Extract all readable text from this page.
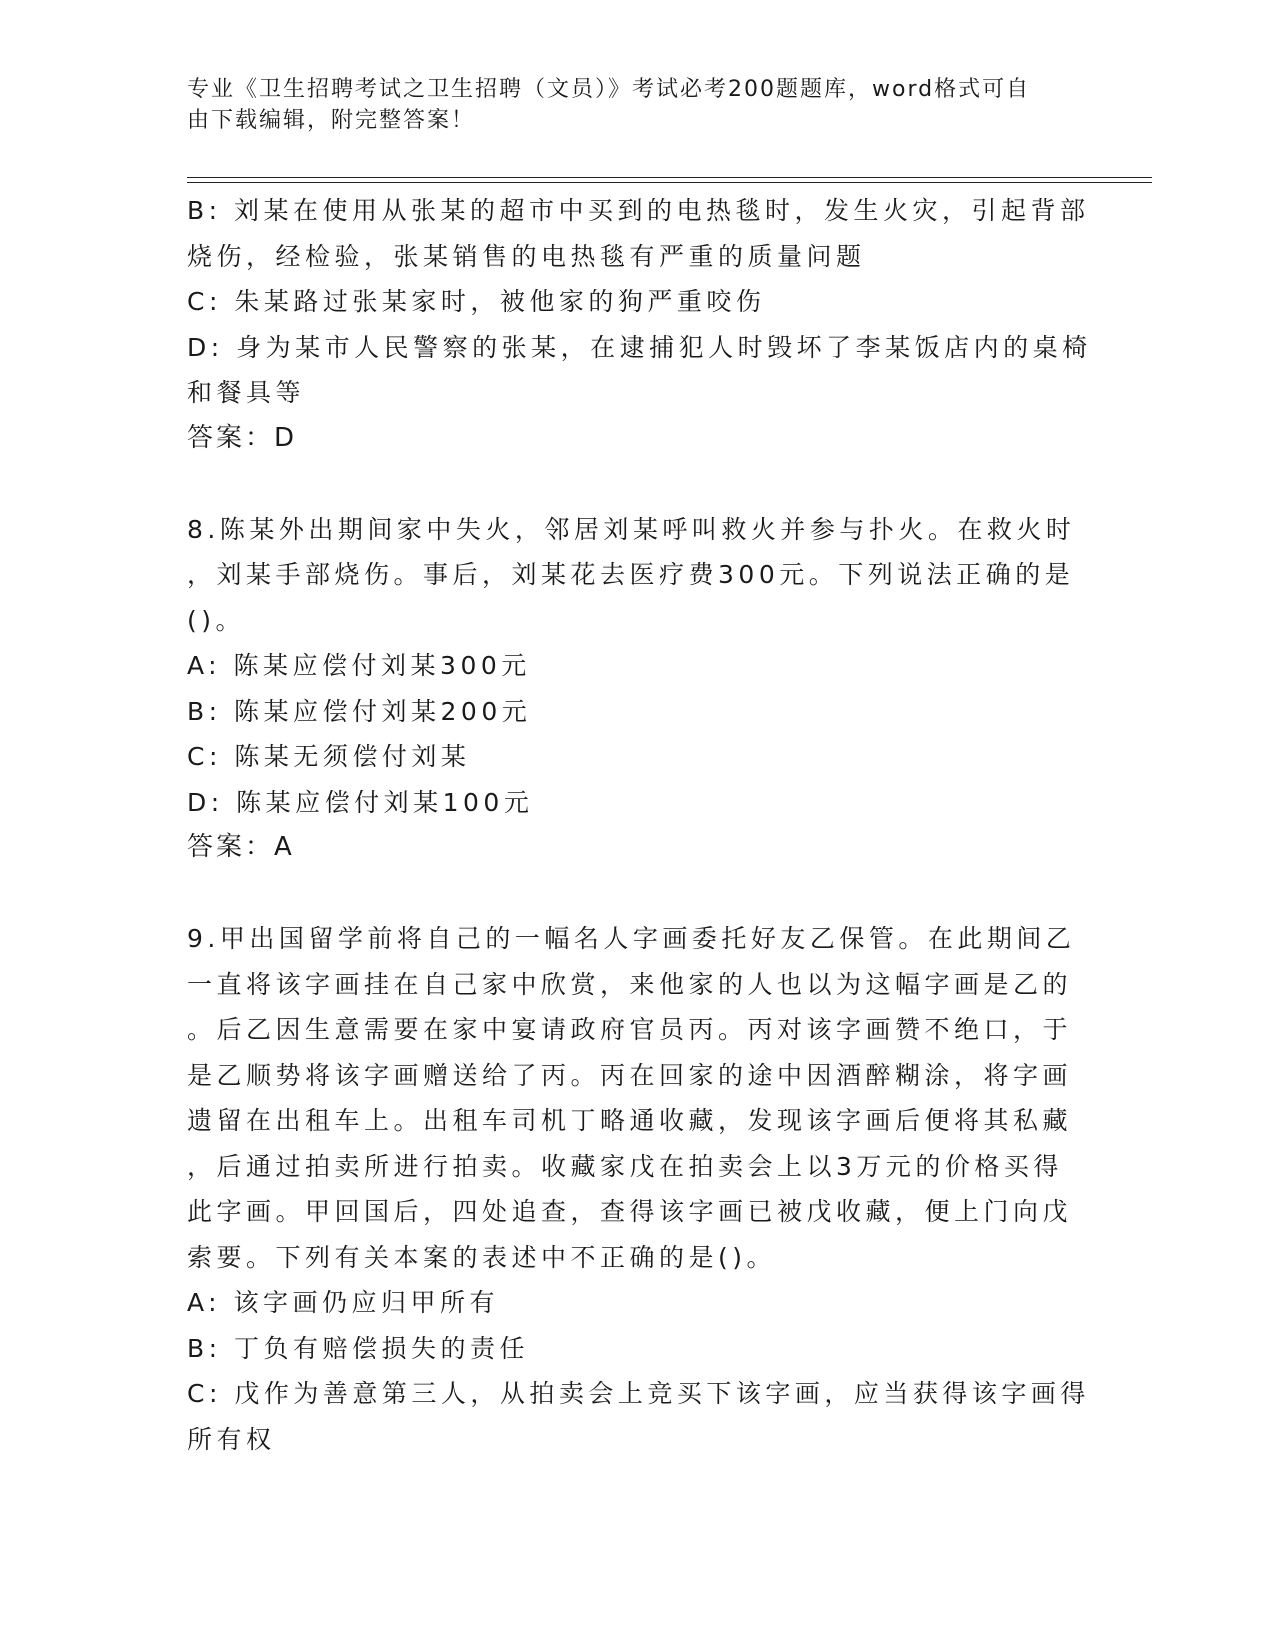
专业《卫生招聘考试之卫生招聘（文员）》考试必考200题题库，word格式可自
由下载编辑，附完整答案！
B: 刘某在使用从张某的超市中买到的电热毯时，发生火灾，引起背部
烧伤，经检验，张某销售的电热毯有严重的质量问题
C: 朱某路过张某家时，被他家的狗严重咬伤
D: 身为某市人民警察的张某，在逮捕犯人时毁坏了李某饭店内的桌椅
和餐具等
答案：D
8.陈某外出期间家中失火，邻居刘某呼叫救火并参与扑火。在救火时
，刘某手部烧伤。事后，刘某花去医疗费300元。下列说法正确的是
()。
A: 陈某应偿付刘某300元
B: 陈某应偿付刘某200元
C: 陈某无须偿付刘某
D: 陈某应偿付刘某100元
答案：A
9.甲出国留学前将自己的一幅名人字画委托好友乙保管。在此期间乙
一直将该字画挂在自己家中欣赏，来他家的人也以为这幅字画是乙的
。后乙因生意需要在家中宴请政府官员丙。丙对该字画赞不绝口，于
是乙顺势将该字画赠送给了丙。丙在回家的途中因酒醉糊涂，将字画
遗留在出租车上。出租车司机丁略通收藏，发现该字画后便将其私藏
，后通过拍卖所进行拍卖。收藏家戊在拍卖会上以3万元的价格买得
此字画。甲回国后，四处追查，查得该字画已被戊收藏，便上门向戊
索要。下列有关本案的表述中不正确的是()。
A: 该字画仍应归甲所有
B: 丁负有赔偿损失的责任
C: 戊作为善意第三人，从拍卖会上竞买下该字画，应当获得该字画得
所有权
